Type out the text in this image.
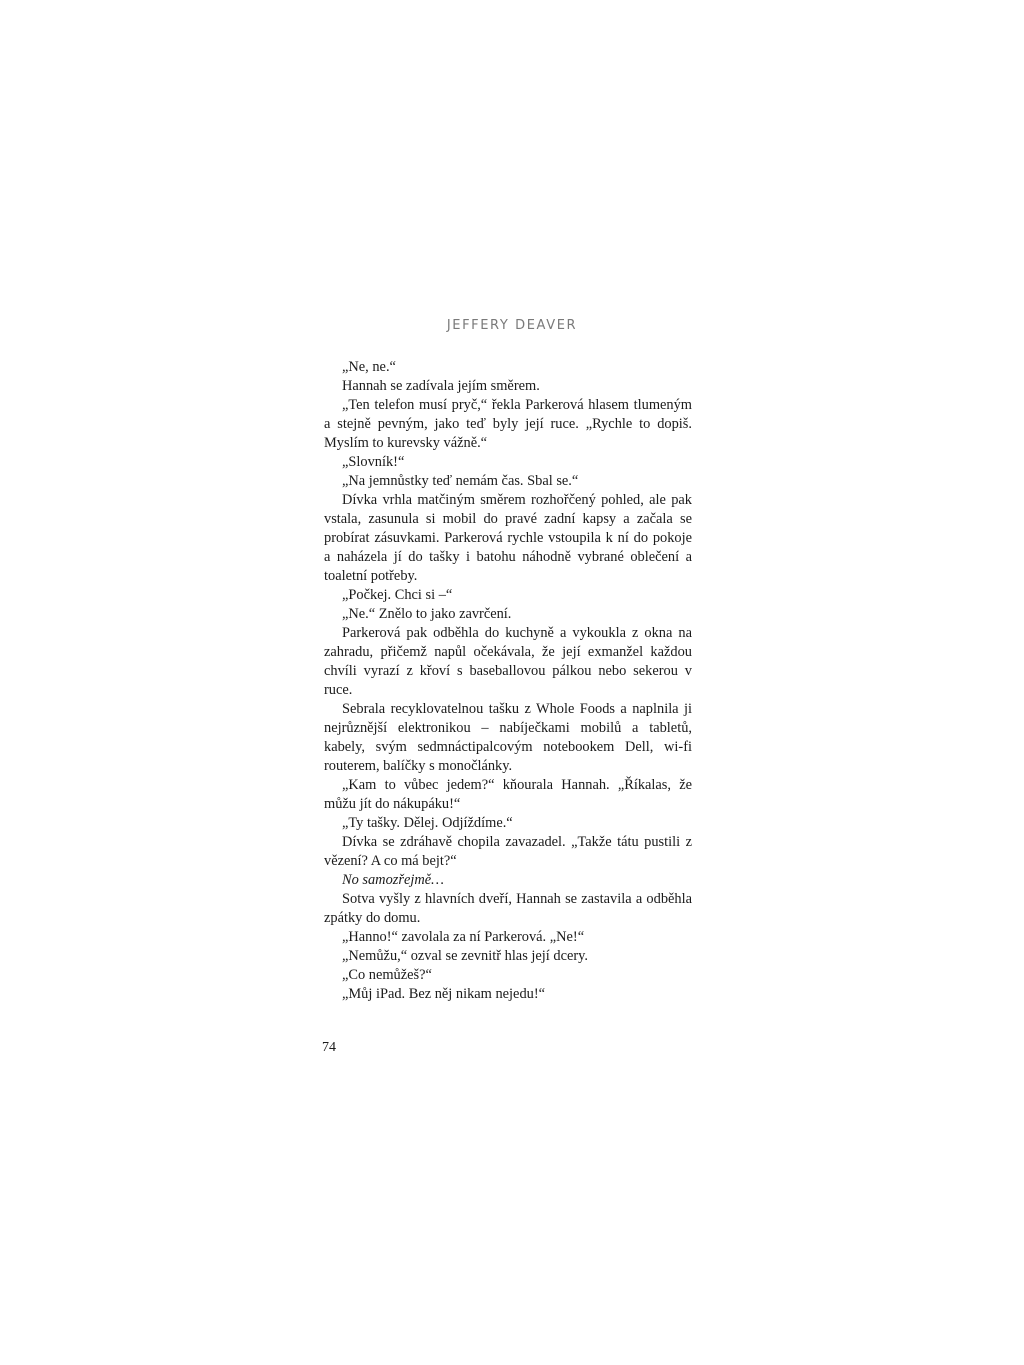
JEFFERY DEAVER

„Ne, ne.“

Hannah se zadívala jejím směrem.

„Ten telefon musí pryč,“ řekla Parkerová hlasem tlumeným a stejně pevným, jako teď byly její ruce. „Rychle to dopiš. Myslím to kurevsky vážně.“

„Slovník!“

„Na jemnůstky teď nemám čas. Sbal se.“

Dívka vrhla matčiným směrem rozhořčený pohled, ale pak vstala, zasunula si mobil do pravé zadní kapsy a začala se probírat zásuvkami. Parkerová rychle vstoupila k ní do pokoje a naházela jí do tašky i batohu náhodně vybrané oblečení a toaletní potřeby.

„Počkej. Chci si –“

„Ne.“ Znělo to jako zavrčení.

Parkerová pak odběhla do kuchyně a vykoukla z okna na zahradu, přičemž napůl očekávala, že její exmanžel každou chvíli vyrazí z křoví s baseballovou pálkou nebo sekerou v ruce.

Sebrala recyklovatelnou tašku z Whole Foods a naplnila ji nejrůznější elektronikou – nabíječkami mobilů a tabletů, kabely, svým sedmnáctipalcovým notebookem Dell, wi-fi routerem, balíčky s monočlánky.

„Kam to vůbec jedem?“ kňourala Hannah. „Říkalas, že můžu jít do nákupáku!“

„Ty tašky. Dělej. Odjíždíme.“

Dívka se zdráhavě chopila zavazadel. „Takže tátu pustili z vězení? A co má bejt?“

No samozřejmě…

Sotva vyšly z hlavních dveří, Hannah se zastavila a odběhla zpátky do domu.

„Hanno!“ zavolala za ní Parkerová. „Ne!“

„Nemůžu,“ ozval se zevnitř hlas její dcery.

„Co nemůžeš?“

„Můj iPad. Bez něj nikam nejedu!“

74
